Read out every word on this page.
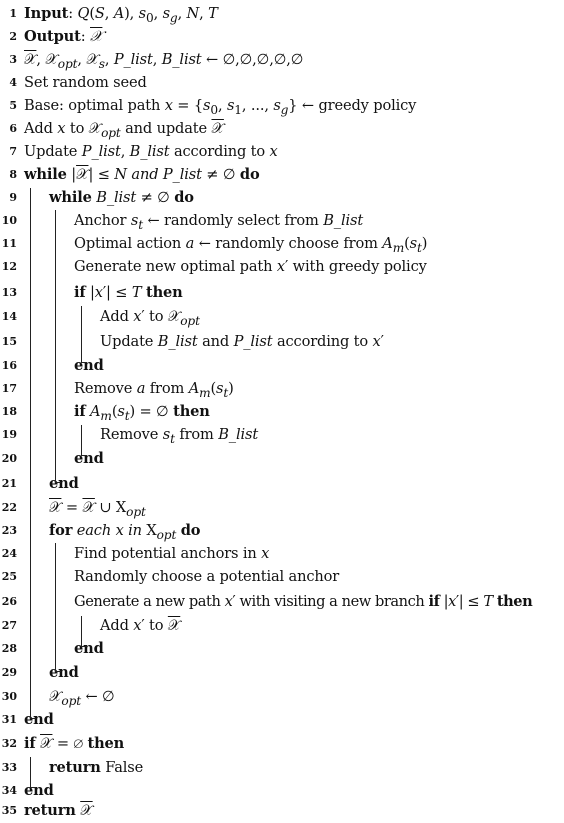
1 Input: Q(S, A), $s_0$, $s_g$, N, T
2 Output: 𝒳
3 𝒳, 𝒳$_{opt}$, 𝒳$_s$, P_list, B_list ← ∅,∅,∅,∅,∅
4 Set random seed
5 Base: optimal path $x = \{s_0$, $s_1$, ..., $s_g$} ← greedy policy
6 Add x to 𝒳$_{opt}$ and update 𝒳
7 Update P_list, B_list according to x
8 while |𝒳| ≤ N and P_list ≠ ∅ do
9 while B_list ≠ ∅ do
10	Anchor $s_t$ ← randomly select from B_list
11	Optimal action a ← randomly choose from $A_m(s_t)$
12	Generate new optimal path x′ with greedy policy
13	if |x′| ≤ T then
14	Add x′ to 𝒳$_{opt}$
15	Update B_list and P_list according to x′
16	end
17	Remove a from $A_m(s_t)$
18	if $A_m(s_t)$ = ∅ then
19	Remove $s_t$ from B_list
20	end
21 end
22 𝒳 = 𝒳 ∪ $X_{opt}$
23 for each x in $X_{opt}$ do
24	Find potential anchors in x
25	Randomly choose a potential anchor
26	Generate a new path x′ with visiting a new branch if |x′| ≤ T then
27	Add x′ to 𝒳
28	end
29 end
30 𝒳$_{opt}$ ← ∅
31 end
32 if 𝒳 = ∅ then
33 return False
34 end
35 return 𝒳
